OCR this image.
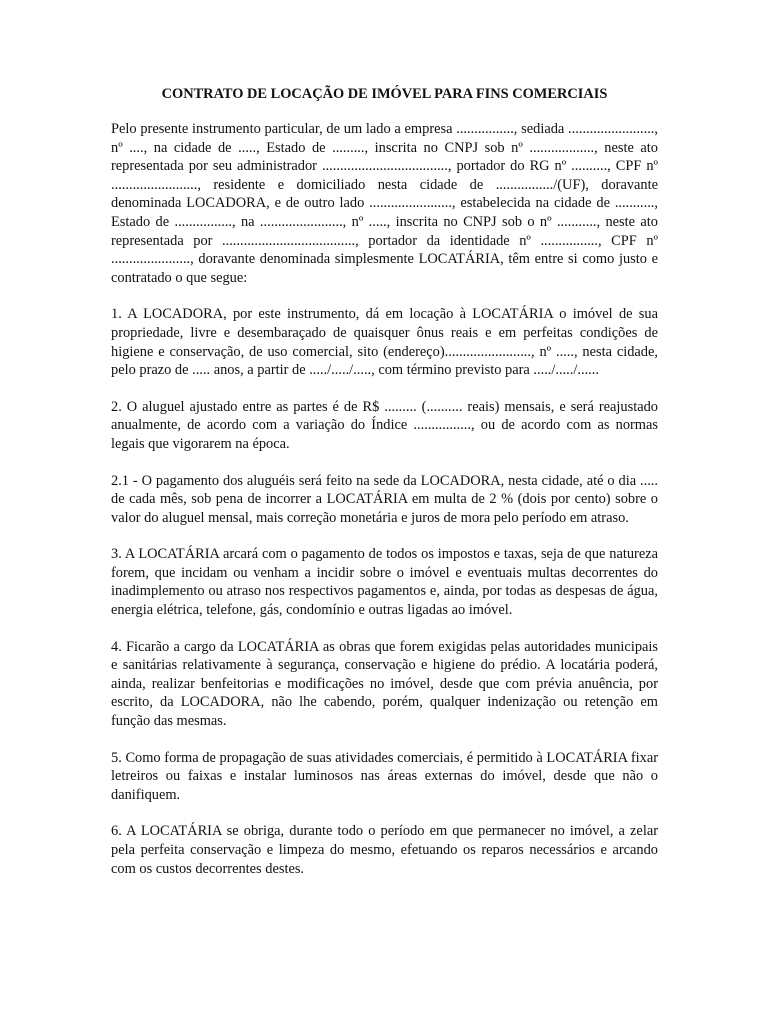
CONTRATO DE LOCAÇÃO DE IMÓVEL PARA FINS COMERCIAIS

Pelo presente instrumento particular, de um lado a empresa ................, sediada ........................, nº ...., na cidade de ....., Estado de ........., inscrita no CNPJ sob nº .................., neste ato representada por seu administrador ..................................., portador do RG nº .........., CPF nº ........................, residente e domiciliado nesta cidade de ................/(UF), doravante denominada LOCADORA, e de outro lado ......................., estabelecida na cidade de ..........., Estado de ................, na ......................., nº ....., inscrita no CNPJ sob o nº ..........., neste ato representada por ....................................., portador da identidade nº ................, CPF nº ......................, doravante denominada simplesmente LOCATÁRIA, têm entre si como justo e contratado o que segue:

1. A LOCADORA, por este instrumento, dá em locação à LOCATÁRIA o imóvel de sua propriedade, livre e desembaraçado de quaisquer ônus reais e em perfeitas condições de higiene e conservação, de uso comercial, sito (endereço)........................, nº ....., nesta cidade, pelo prazo de ..... anos, a partir de ...../...../....., com término previsto para ...../...../......

2. O aluguel ajustado entre as partes é de R$ ......... (.......... reais) mensais, e será reajustado anualmente, de acordo com a variação do Índice ................, ou de acordo com as normas legais que vigorarem na época.

2.1 - O pagamento dos aluguéis será feito na sede da LOCADORA, nesta cidade, até o dia ..... de cada mês, sob pena de incorrer a LOCATÁRIA em multa de 2 % (dois por cento) sobre o valor do aluguel mensal, mais correção monetária e juros de mora pelo período em atraso.

3. A LOCATÁRIA arcará com o pagamento de todos os impostos e taxas, seja de que natureza forem, que incidam ou venham a incidir sobre o imóvel e eventuais multas decorrentes do inadimplemento ou atraso nos respectivos pagamentos e, ainda, por todas as despesas de água, energia elétrica, telefone, gás, condomínio e outras ligadas ao imóvel.

4. Ficarão a cargo da LOCATÁRIA as obras que forem exigidas pelas autoridades municipais e sanitárias relativamente à segurança, conservação e higiene do prédio. A locatária poderá, ainda, realizar benfeitorias e modificações no imóvel, desde que com prévia anuência, por escrito, da LOCADORA, não lhe cabendo, porém, qualquer indenização ou retenção em função das mesmas.

5. Como forma de propagação de suas atividades comerciais, é permitido à LOCATÁRIA fixar letreiros ou faixas e instalar luminosos nas áreas externas do imóvel, desde que não o danifiquem.

6. A LOCATÁRIA se obriga, durante todo o período em que permanecer no imóvel, a zelar pela perfeita conservação e limpeza do mesmo, efetuando os reparos necessários e arcando com os custos decorrentes destes.
